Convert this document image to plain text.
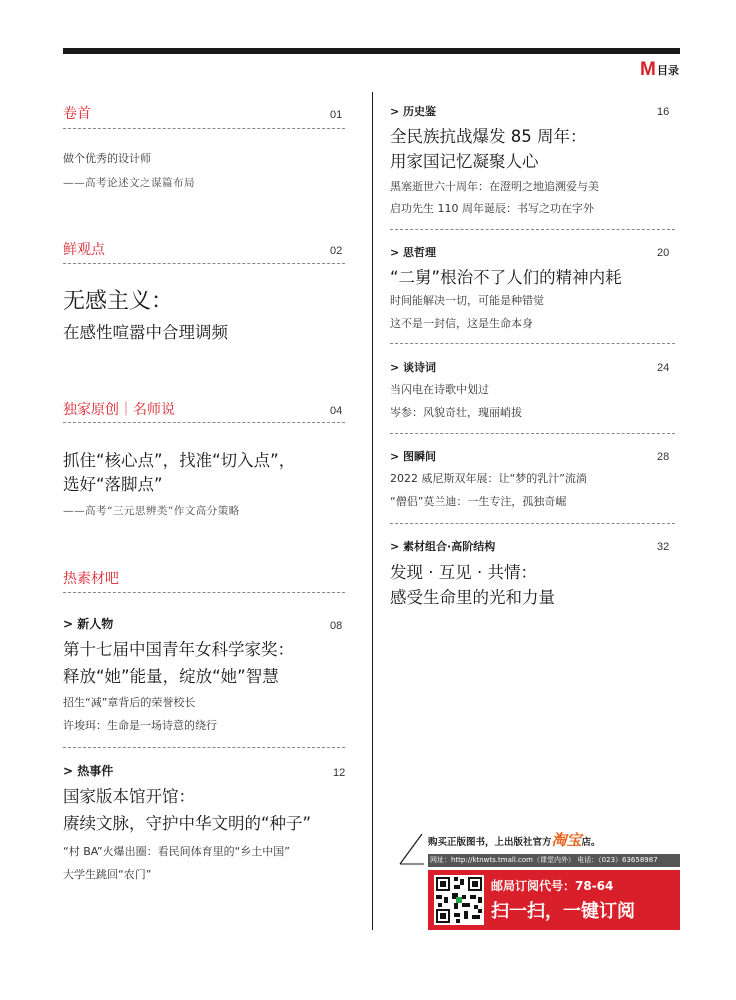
M 目录
卷首	01
做个优秀的设计师
——高考论述文之谋篇布局
鲜观点	02
无感主义：
在感性喧嚣中合理调频
独家原创｜名师说	04
抓住“核心点”，找准“切入点”，
选好“落脚点”
——高考“三元思辨类”作文高分策略
热素材吧
> 新人物	08
第十七届中国青年女科学家奖：
释放“她”能量，绽放“她”智慧
招生“减”章背后的荣誉校长
许埈珥：生命是一场诗意的绕行
> 热事件	12
国家版本馆开馆：
赓续文脉，守护中华文明的“种子”
“村 BA”火爆出圈：看民间体育里的“乡土中国”
大学生跳回“农门”
> 历史鉴	16
全民族抗战爆发 85 周年：
用家国记忆凝聚人心
黑塞逝世六十周年：在澄明之地追溯爱与美
启功先生 110 周年诞辰：书写之功在字外
> 思哲理	20
“二舅”根治不了人们的精神内耗
时间能解决一切，可能是种错觉
这不是一封信，这是生命本身
> 谈诗词	24
当闪电在诗歌中划过
岑参：风貌奇壮，瑰丽峭拔
> 图瞬间	28
2022 威尼斯双年展：让“梦的乳汁”流淌
“僧侣”莫兰迪：一生专注，孤独奇崛
> 素材组合·高阶结构	32
发现 · 互见 · 共情：
感受生命里的光和力量
购买正版图书，上出版社官方淘宝店。
网址：http://ktnwts.tmall.com（课堂内外） 电话：（023）63658987
邮局订阅代号：78-64
扫一扫，一键订阅
